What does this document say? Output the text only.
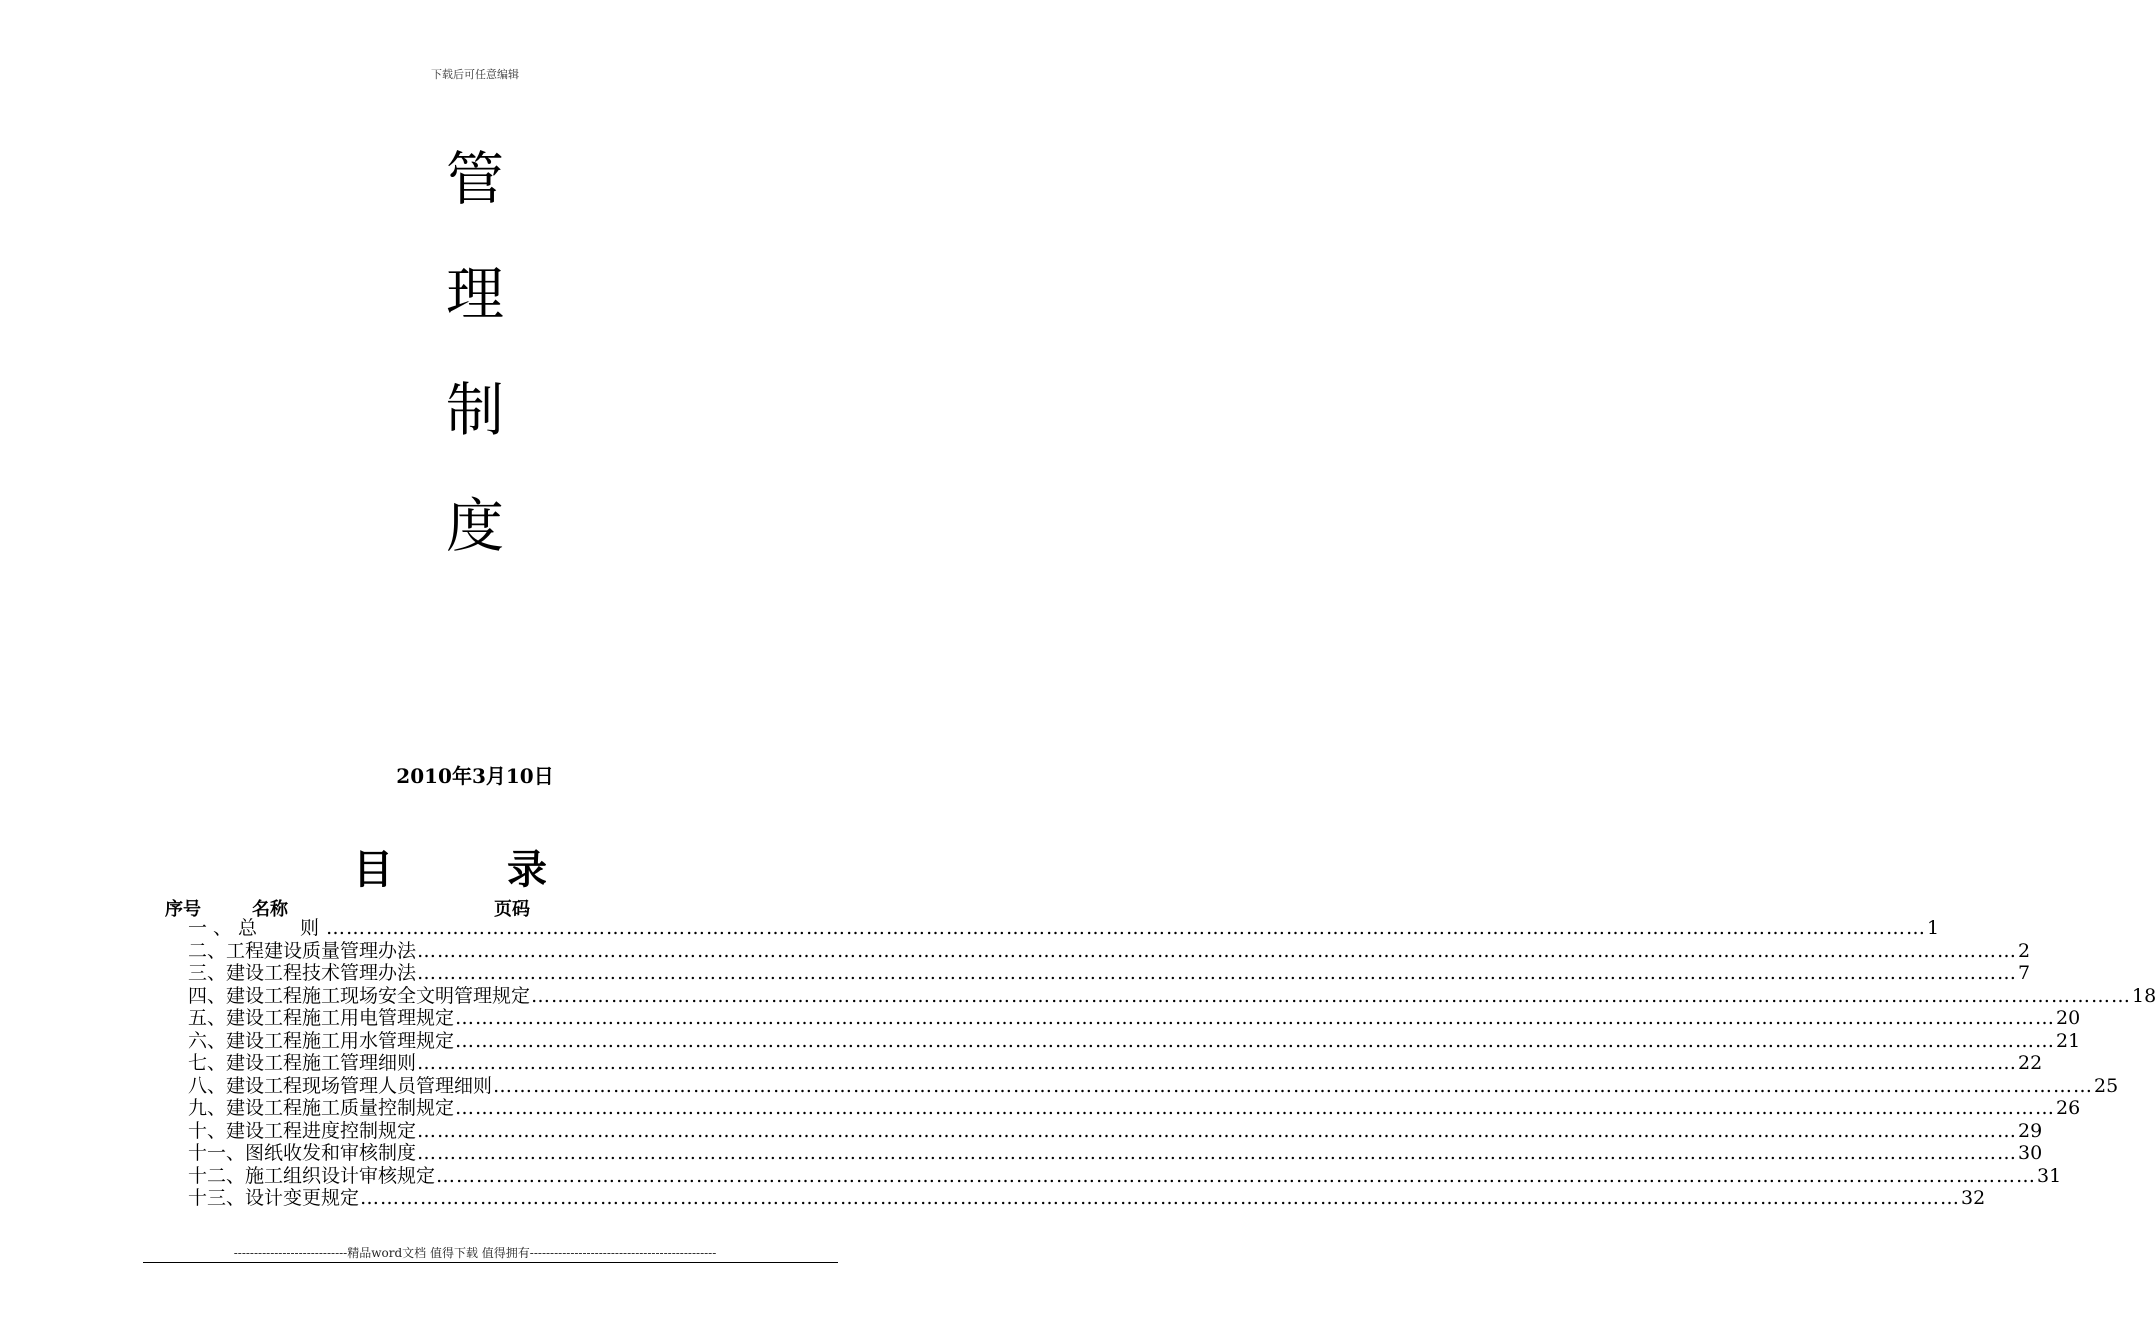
下载后可任意编辑
管
理
制
度
2010年3月10日
目 录
序号	名称	页码
一、总　 则 …………………………………………………………………………………………………………………………………………………………………………………………………………………… 1
二、工程建设质量管理办法 …………………………………………………………………………………………………………………………………………………………………………………………………………………… 2
三、建设工程技术管理办法 …………………………………………………………………………………………………………………………………………………………………………………………………………………… 7
四、建设工程施工现场安全文明管理规定 …………………………………………………………………………………………………………………………………………………………………………………………………………………… 18
五、建设工程施工用电管理规定 …………………………………………………………………………………………………………………………………………………………………………………………………………………… 20
六、建设工程施工用水管理规定 …………………………………………………………………………………………………………………………………………………………………………………………………………………… 21
七、建设工程施工管理细则 …………………………………………………………………………………………………………………………………………………………………………………………………………………… 22
八、建设工程现场管理人员管理细则 …………………………………………………………………………………………………………………………………………………………………………………………………………………… 25
九、建设工程施工质量控制规定 …………………………………………………………………………………………………………………………………………………………………………………………………………………… 26
十、建设工程进度控制规定 …………………………………………………………………………………………………………………………………………………………………………………………………………………… 29
十一、图纸收发和审核制度 …………………………………………………………………………………………………………………………………………………………………………………………………………………… 30
十二、施工组织设计审核规定 …………………………………………………………………………………………………………………………………………………………………………………………………………………… 31
十三、设计变更规定 …………………………………………………………………………………………………………………………………………………………………………………………………………………… 32
----------------------------精品word文档 值得下载 值得拥有----------------------------------------------
